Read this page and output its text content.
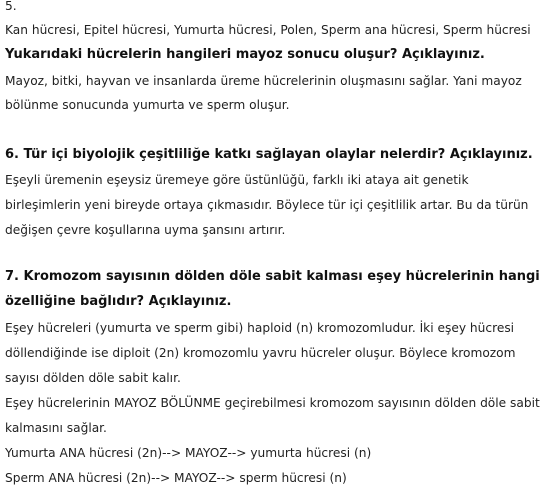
5.
Kan hücresi, Epitel hücresi, Yumurta hücresi, Polen, Sperm ana hücresi, Sperm hücresi
Yukarıdaki hücrelerin hangileri mayoz sonucu oluşur? Açıklayınız.
Mayoz, bitki, hayvan ve insanlarda üreme hücrelerinin oluşmasını sağlar. Yani mayoz
bölünme sonucunda yumurta ve sperm oluşur.
6. Tür içi biyolojik çeşitliliğe katkı sağlayan olaylar nelerdir? Açıklayınız.
Eşeyli üremenin eşeysiz üremeye göre üstünlüğü, farklı iki ataya ait genetik
birleşimlerin yeni bireyde ortaya çıkmasıdır. Böylece tür içi çeşitlilik artar. Bu da türün
değişen çevre koşullarına uyma şansını artırır.
7. Kromozom sayısının dölden döle sabit kalması eşey hücrelerinin hangi
özelliğine bağlıdır? Açıklayınız.
Eşey hücreleri (yumurta ve sperm gibi) haploid (n) kromozomludur. İki eşey hücresi
döllendiğinde ise diploit (2n) kromozomlu yavru hücreler oluşur. Böylece kromozom
sayısı dölden döle sabit kalır.
Eşey hücrelerinin MAYOZ BÖLÜNME geçirebilmesi kromozom sayısının dölden döle sabit
kalmasını sağlar.
Yumurta ANA hücresi (2n)--> MAYOZ--> yumurta hücresi (n)
Sperm ANA hücresi (2n)--> MAYOZ--> sperm hücresi (n)
